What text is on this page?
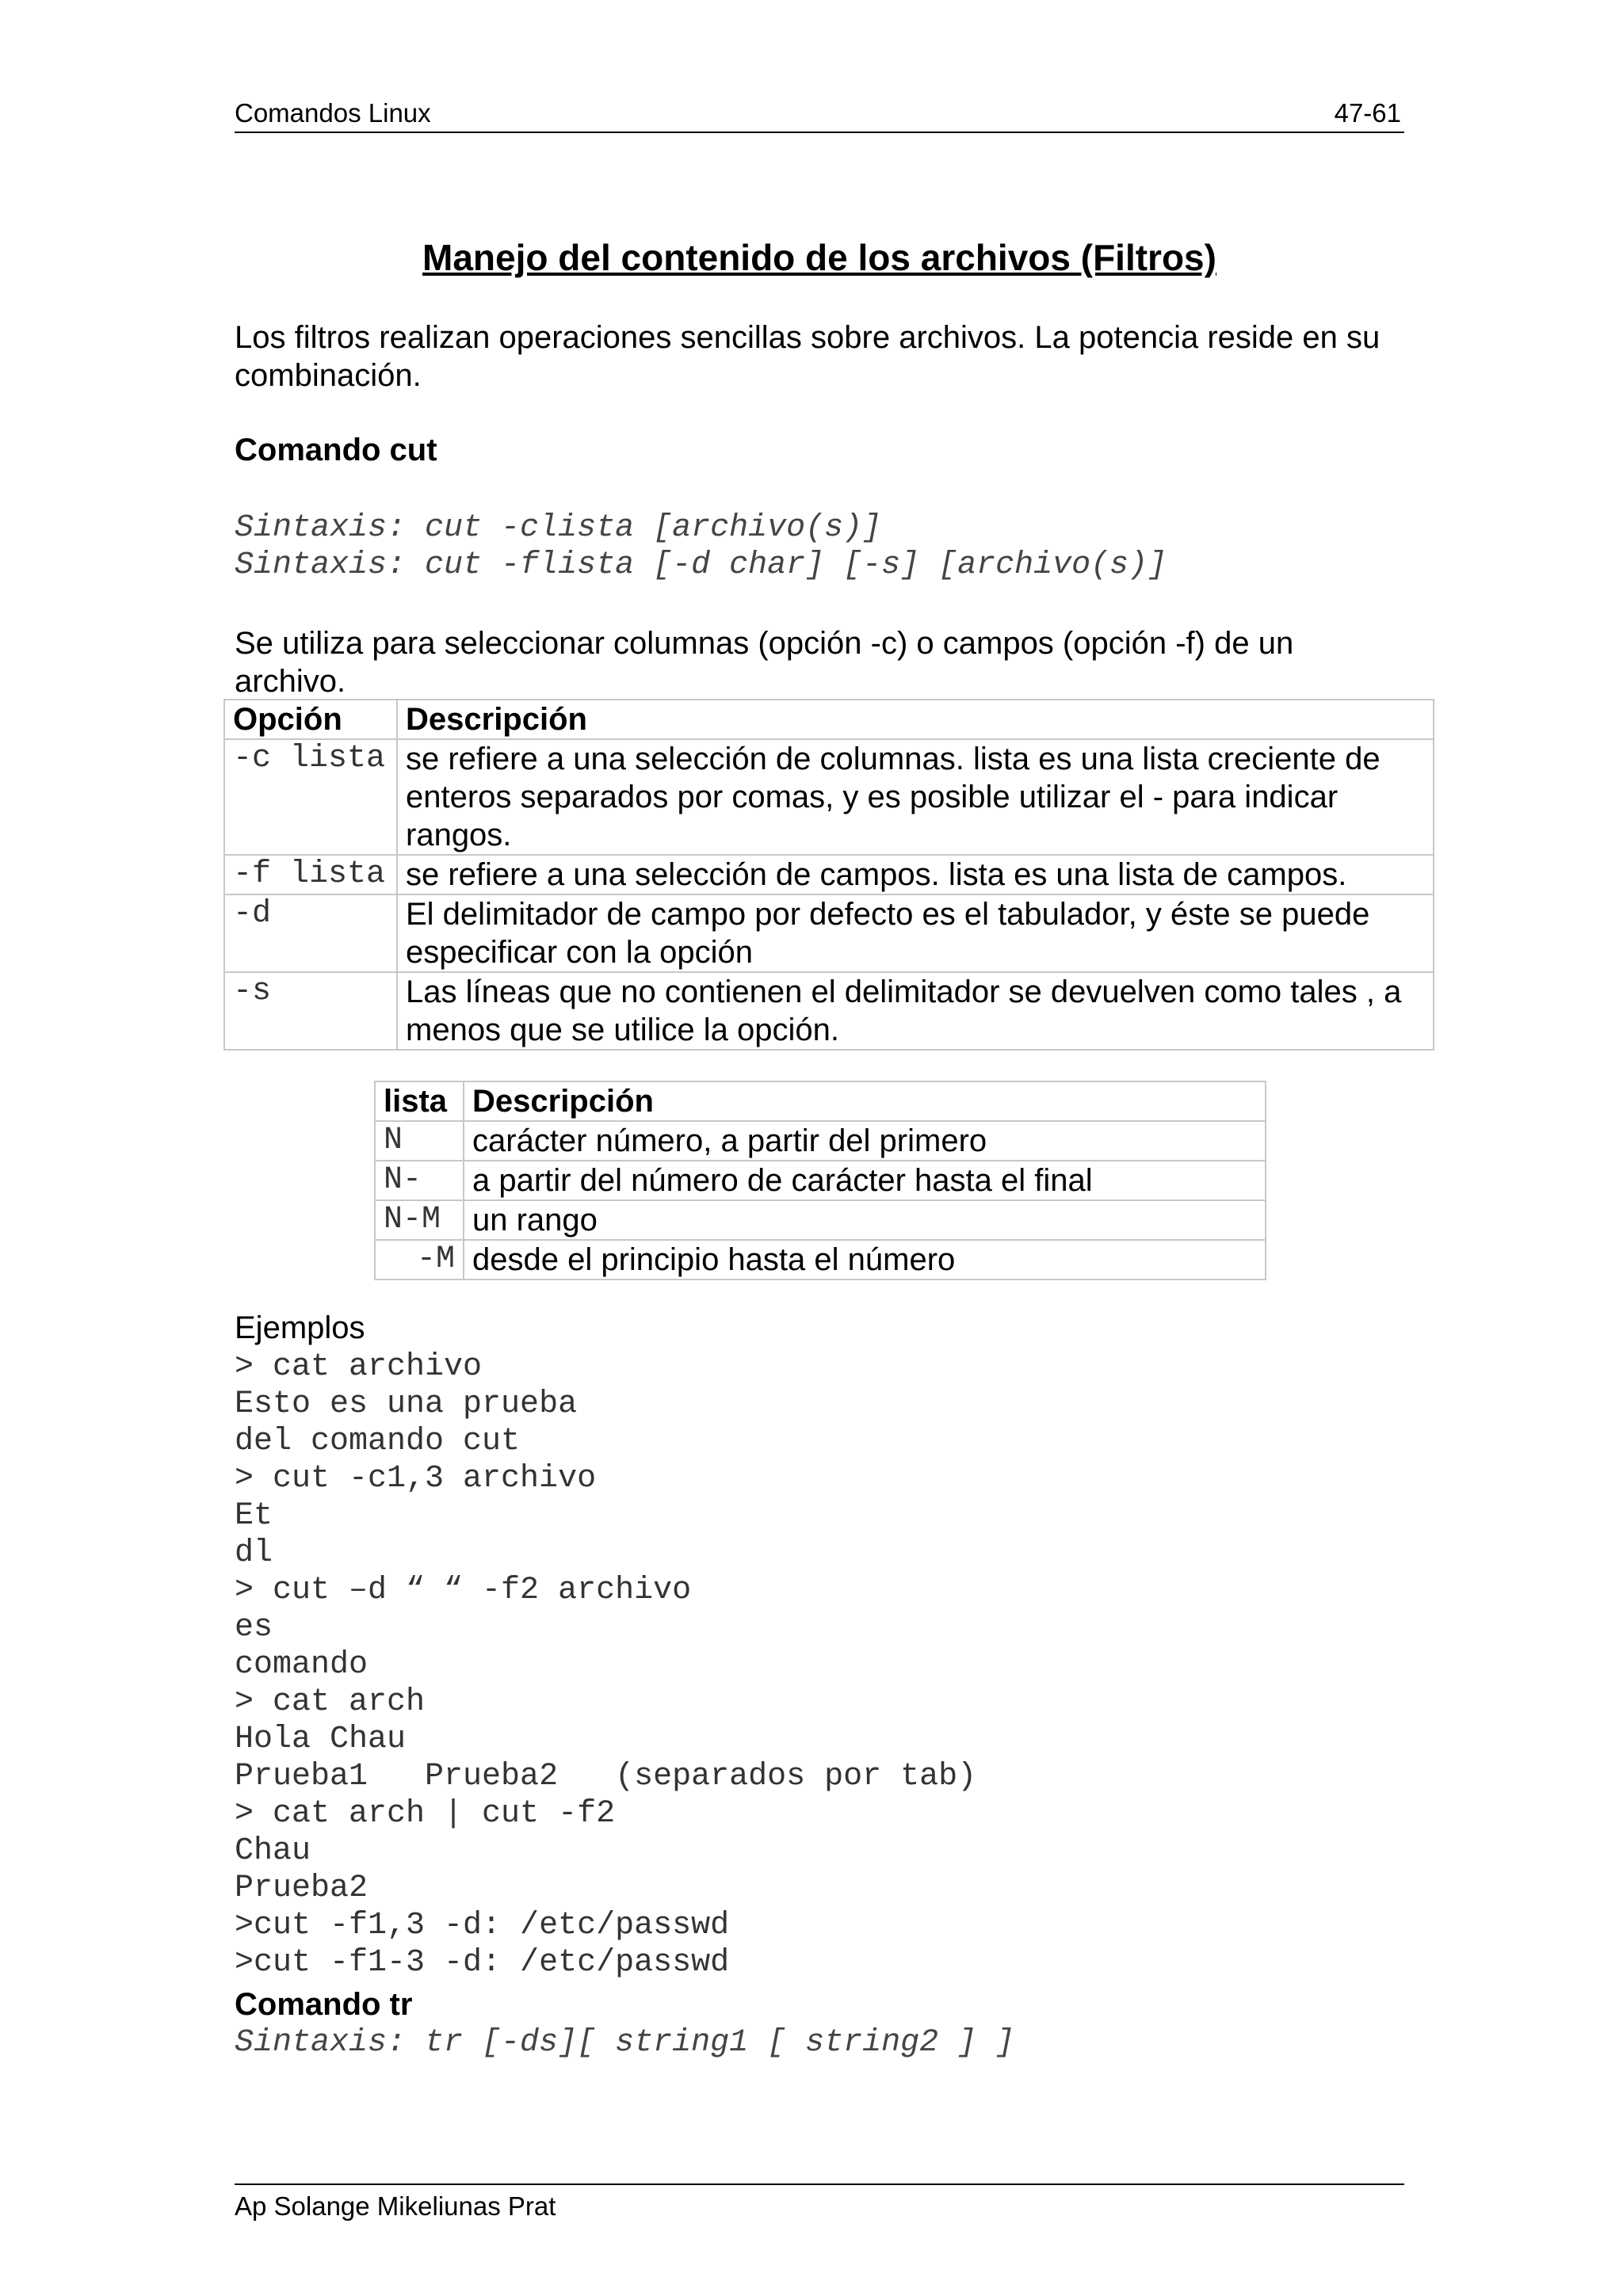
Comandos Linux	47-61
Manejo del contenido de los archivos (Filtros)
Los filtros realizan operaciones sencillas sobre archivos. La potencia reside en su combinación.
Comando cut
Sintaxis: cut -clista [archivo(s)]
Sintaxis: cut -flista [-d char] [-s] [archivo(s)]
Se utiliza para seleccionar columnas (opción -c) o campos (opción -f) de un archivo.
Opción	Descripción
-c lista	se refiere a una selección de columnas. lista es una lista creciente de enteros separados por comas, y es posible utilizar el - para indicar rangos.
-f lista	se refiere a una selección de campos. lista es una lista de campos.
-d	El delimitador de campo por defecto es el tabulador, y éste se puede especificar con la opción
-s	Las líneas que no contienen el delimitador se devuelven como tales , a menos que se utilice la opción.
lista	Descripción
N	carácter número, a partir del primero
N-	a partir del número de carácter hasta el final
N-M	un rango
-M	desde el principio hasta el número
Ejemplos
> cat archivo
Esto es una prueba
del comando cut
> cut -c1,3 archivo
Et
dl
> cut –d “ “ -f2 archivo
es
comando
> cat arch
Hola Chau
Prueba1   Prueba2   (separados por tab)
> cat arch | cut -f2
Chau
Prueba2
>cut -f1,3 -d: /etc/passwd
>cut -f1-3 -d: /etc/passwd
Comando tr
Sintaxis: tr [-ds][ string1 [ string2 ] ]
Ap Solange Mikeliunas Prat
